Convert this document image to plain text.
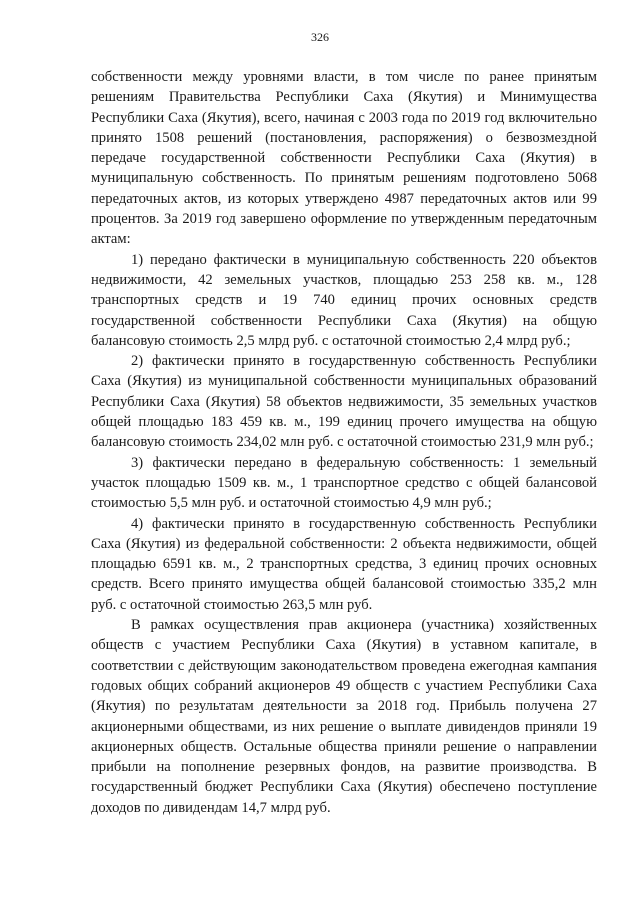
326

собственности между уровнями власти, в том числе по ранее принятым решениям Правительства Республики Саха (Якутия) и Минимущества Республики Саха (Якутия), всего, начиная с 2003 года по 2019 год включительно принято 1508 решений (постановления, распоряжения) о безвозмездной передаче государственной собственности Республики Саха (Якутия) в муниципальную собственность. По принятым решениям подготовлено 5068 передаточных актов, из которых утверждено 4987 передаточных актов или 99 процентов. За 2019 год завершено оформление по утвержденным передаточным актам:

1) передано фактически в муниципальную собственность 220 объектов недвижимости, 42 земельных участков, площадью 253 258 кв. м., 128 транспортных средств и 19 740 единиц прочих основных средств государственной собственности Республики Саха (Якутия) на общую балансовую стоимость 2,5 млрд руб. с остаточной стоимостью 2,4 млрд руб.;

2) фактически принято в государственную собственность Республики Саха (Якутия) из муниципальной собственности муниципальных образований Республики Саха (Якутия) 58 объектов недвижимости, 35 земельных участков общей площадью 183 459 кв. м., 199 единиц прочего имущества на общую балансовую стоимость 234,02 млн руб. с остаточной стоимостью 231,9 млн руб.;

3) фактически передано в федеральную собственность: 1 земельный участок площадью 1509 кв. м., 1 транспортное средство с общей балансовой стоимостью 5,5 млн руб. и остаточной стоимостью 4,9 млн руб.;

4) фактически принято в государственную собственность Республики Саха (Якутия) из федеральной собственности: 2 объекта недвижимости, общей площадью 6591 кв. м., 2 транспортных средства, 3 единиц прочих основных средств. Всего принято имущества общей балансовой стоимостью 335,2 млн руб. с остаточной стоимостью 263,5 млн руб.

В рамках осуществления прав акционера (участника) хозяйственных обществ с участием Республики Саха (Якутия) в уставном капитале, в соответствии с действующим законодательством проведена ежегодная кампания годовых общих собраний акционеров 49 обществ с участием Республики Саха (Якутия) по результатам деятельности за 2018 год. Прибыль получена 27 акционерными обществами, из них решение о выплате дивидендов приняли 19 акционерных обществ. Остальные общества приняли решение о направлении прибыли на пополнение резервных фондов, на развитие производства. В государственный бюджет Республики Саха (Якутия) обеспечено поступление доходов по дивидендам 14,7 млрд руб.
